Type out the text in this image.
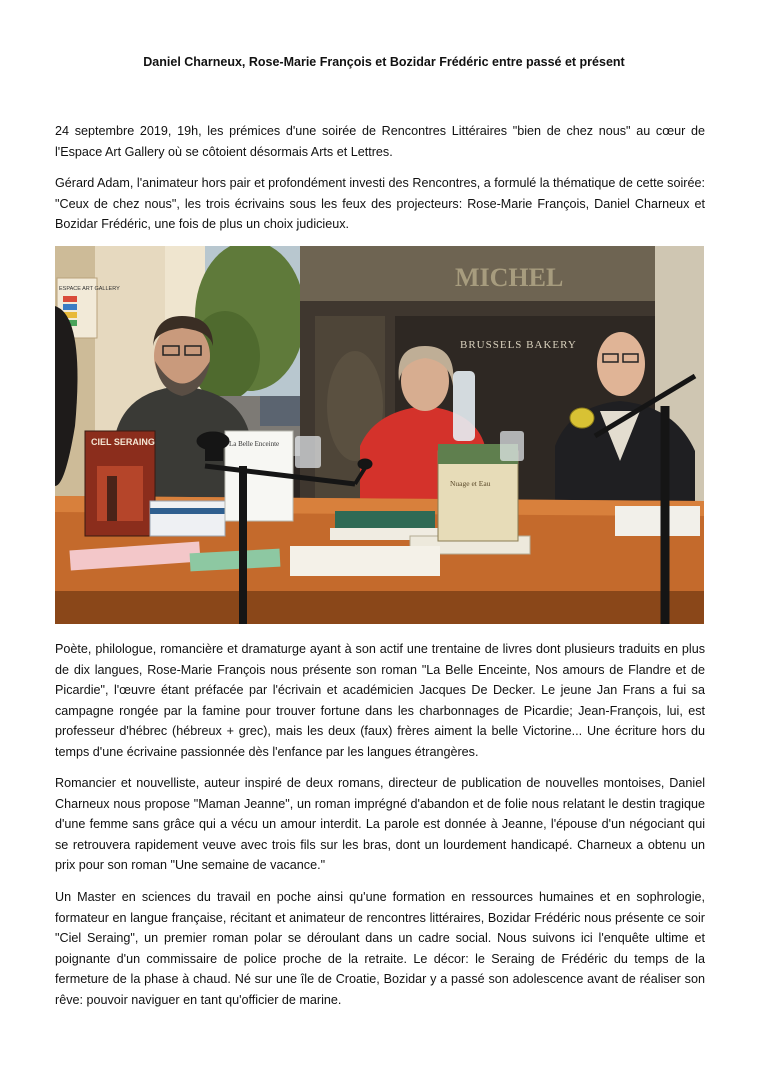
Daniel Charneux, Rose-Marie François et Bozidar Frédéric entre passé et présent

24 septembre 2019, 19h, les prémices d'une soirée de Rencontres Littéraires "bien de chez nous" au cœur de l'Espace Art Gallery où se côtoient désormais Arts et Lettres.

Gérard Adam, l'animateur hors pair et profondément investi des Rencontres, a formulé la thématique de cette soirée: "Ceux de chez nous", les trois écrivains sous les feux des projecteurs: Rose-Marie François, Daniel Charneux et Bozidar Frédéric, une fois de plus un choix judicieux.

ESPACE ART GALLERY	MICHEL
BRUSSELS BAKERY
CIEL SERAING	La Belle Enceinte
Nuage et Eau

Poète, philologue, romancière et dramaturge ayant à son actif une trentaine de livres dont plusieurs traduits en plus de dix langues, Rose-Marie François nous présente son roman "La Belle Enceinte, Nos amours de Flandre et de Picardie", l'œuvre étant préfacée par l'écrivain et académicien Jacques De Decker. Le jeune Jan Frans a fui sa campagne rongée par la famine pour trouver fortune dans les charbonnages de Picardie; Jean-François, lui, est professeur d'hébrec (hébreux + grec), mais les deux (faux) frères aiment la belle Victorine... Une écriture hors du temps d'une écrivaine passionnée dès l'enfance par les langues étrangères.

Romancier et nouvelliste, auteur inspiré de deux romans, directeur de publication de nouvelles montoises, Daniel Charneux nous propose "Maman Jeanne", un roman imprégné d'abandon et de folie nous relatant le destin tragique d'une femme sans grâce qui a vécu un amour interdit. La parole est donnée à Jeanne, l'épouse d'un négociant qui se retrouvera rapidement veuve avec trois fils sur les bras, dont un lourdement handicapé. Charneux a obtenu un prix pour son roman "Une semaine de vacance."

Un Master en sciences du travail en poche ainsi qu'une formation en ressources humaines et en sophrologie, formateur en langue française, récitant et animateur de rencontres littéraires, Bozidar Frédéric nous présente ce soir "Ciel Seraing", un premier roman polar se déroulant dans un cadre social. Nous suivons ici l'enquête ultime et poignante d'un commissaire de police proche de la retraite. Le décor: le Seraing de Frédéric du temps de la fermeture de la phase à chaud. Né sur une île de Croatie, Bozidar y a passé son adolescence avant de réaliser son rêve: pouvoir naviguer en tant qu'officier de marine.
